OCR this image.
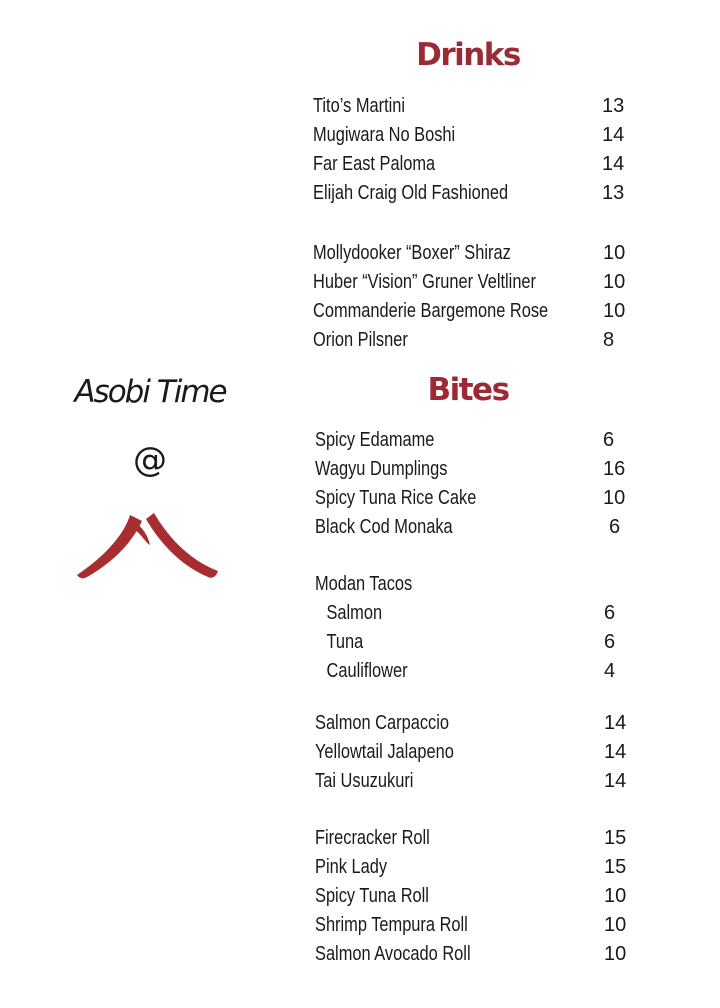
Asobi Time
@
Drinks
Tito’s Martini	13
Mugiwara No Boshi	14
Far East Paloma	14
Elijah Craig Old Fashioned	13
Mollydooker “Boxer” Shiraz	10
Huber “Vision” Gruner Veltliner	10
Commanderie Bargemone Rose	10
Orion Pilsner	8
Bites
Spicy Edamame	6
Wagyu Dumplings	16
Spicy Tuna Rice Cake	10
Black Cod Monaka	6
Modan Tacos
Salmon	6
Tuna	6
Cauliflower	4
Salmon Carpaccio	14
Yellowtail Jalapeno	14
Tai Usuzukuri	14
Firecracker Roll	15
Pink Lady	15
Spicy Tuna Roll	10
Shrimp Tempura Roll	10
Salmon Avocado Roll	10
